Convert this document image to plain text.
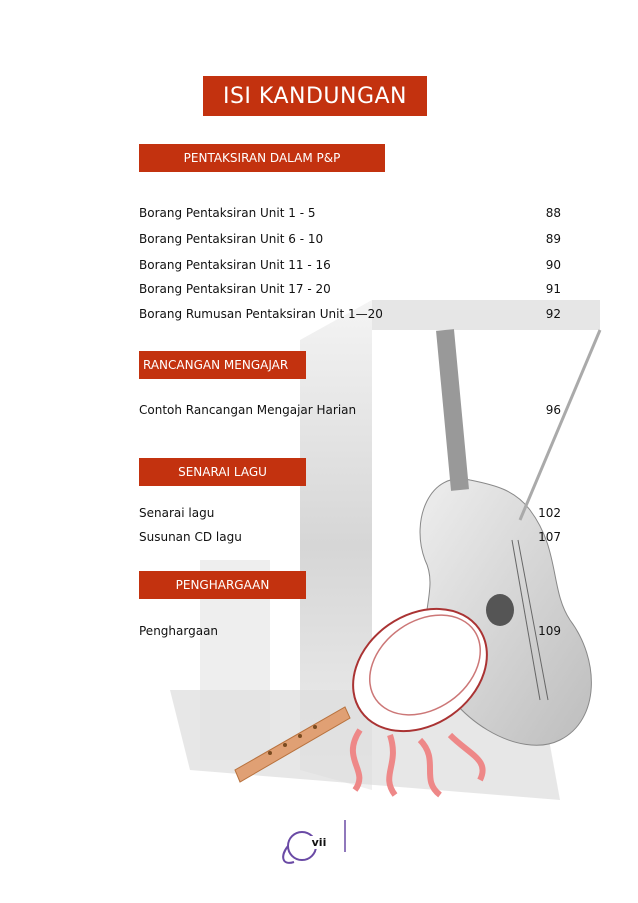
ISI KANDUNGAN
PENTAKSIRAN DALAM P&P
Borang Pentaksiran Unit 1 - 5	88
Borang Pentaksiran Unit 6 - 10	89
Borang Pentaksiran Unit 11 - 16	90
Borang Pentaksiran Unit 17 - 20	91
Borang Rumusan Pentaksiran Unit 1—20	92
RANCANGAN MENGAJAR
Contoh Rancangan Mengajar Harian	96
SENARAI LAGU
Senarai lagu	102
Susunan CD lagu	107
PENGHARGAAN
Penghargaan	109
vii
